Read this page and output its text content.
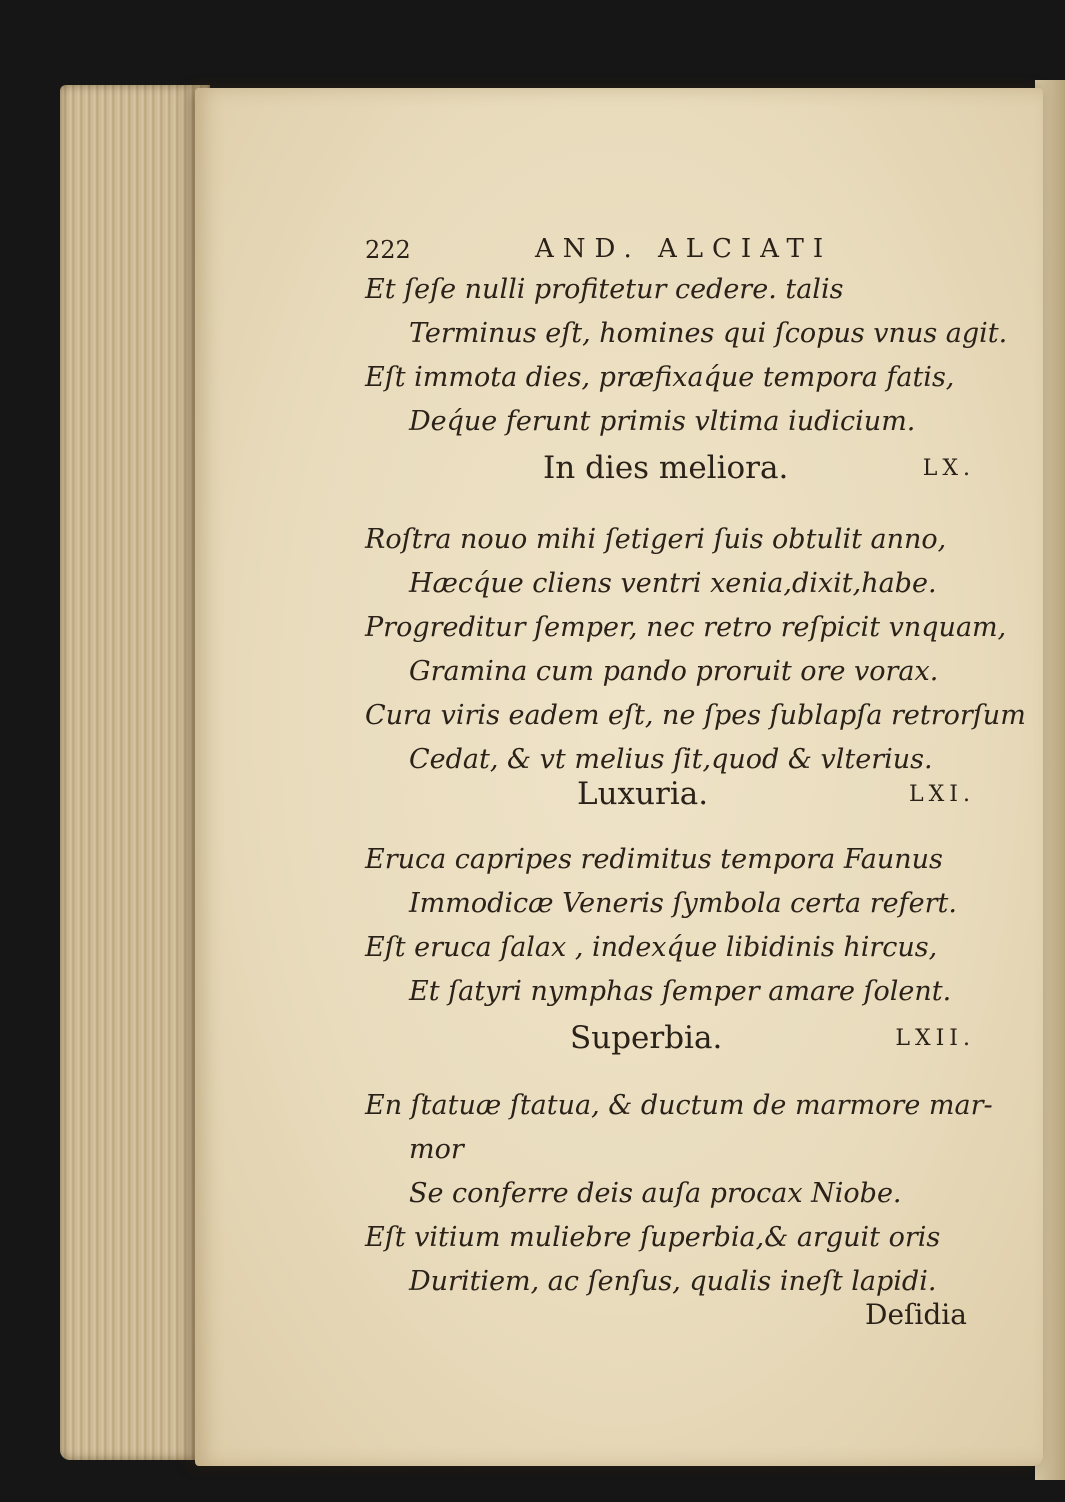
222	AND. ALCIATI
Et ſeſe nulli profitetur cedere. talis
Terminus eſt, homines qui ſcopus vnus agit.
Eſt immota dies, præfixaq́ue tempora fatis,
Deq́ue ferunt primis vltima iudicium.
In dies meliora.	LX.
Roſtra nouo mihi ſetigeri ſuis obtulit anno,
Hæcq́ue cliens ventri xenia,dixit,habe.
Progreditur ſemper, nec retro reſpicit vnquam,
Gramina cum pando proruit ore vorax.
Cura viris eadem eſt, ne ſpes ſublapſa retrorſum
Cedat, & vt melius ſit,quod & vlterius.
Luxuria.	LXI.
Eruca capripes redimitus tempora Faunus
Immodicæ Veneris ſymbola certa refert.
Eſt eruca ſalax , indexq́ue libidinis hircus,
Et ſatyri nymphas ſemper amare ſolent.
Superbia.	LXII.
En ſtatuæ ſtatua, & ductum de marmore mar-
mor
Se conferre deis auſa procax Niobe.
Eſt vitium muliebre ſuperbia,& arguit oris
Duritiem, ac ſenſus, qualis ineſt lapidi.
Deſidia
